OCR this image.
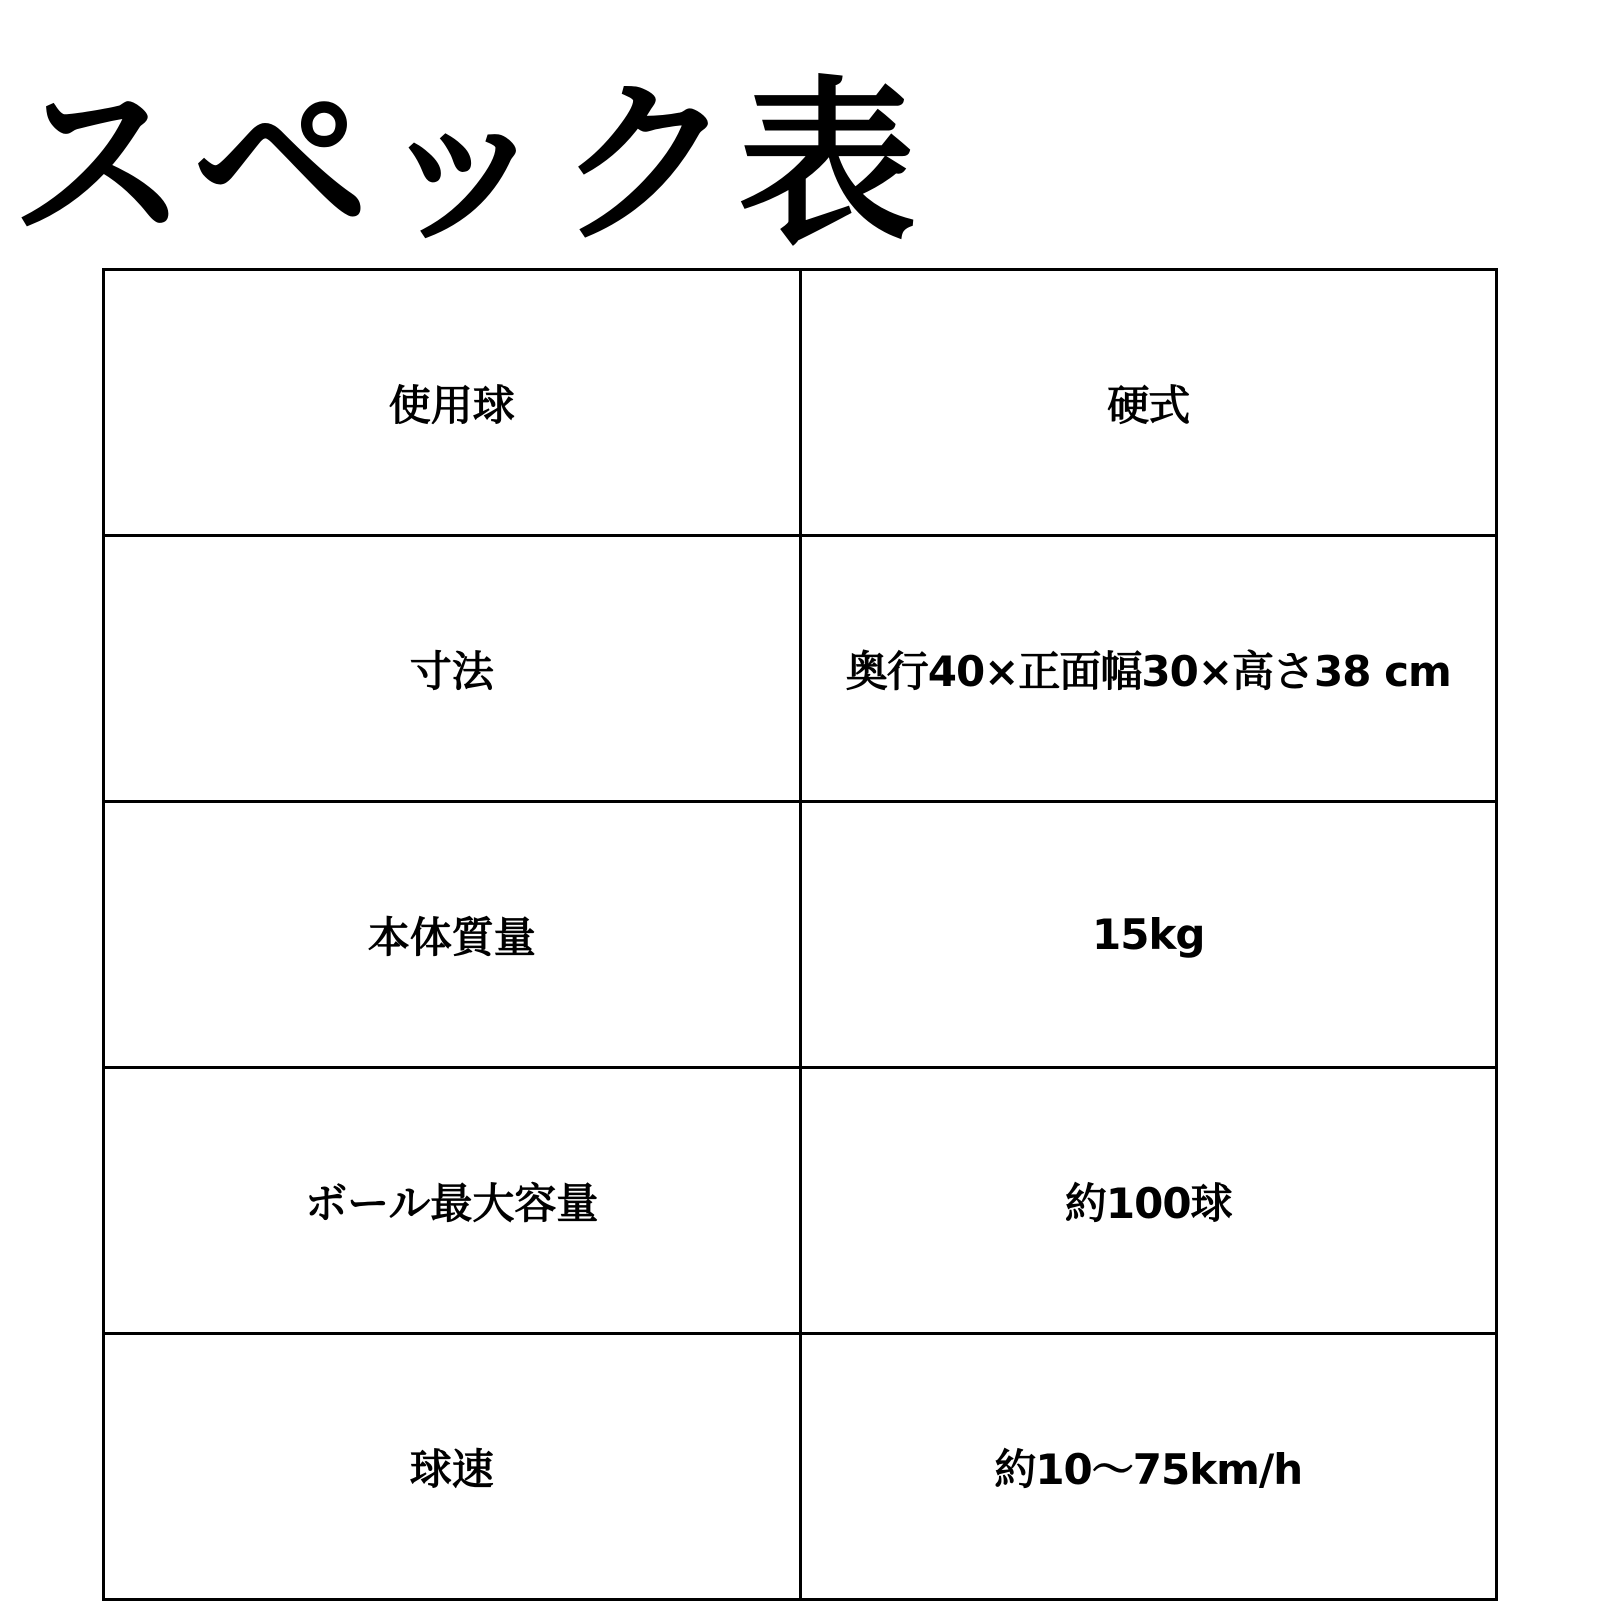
スペック表
使用球	硬式
寸法	奥行40×正面幅30×高さ38 cm
本体質量	15kg
ボール最大容量	約100球
球速	約10〜75km/h
